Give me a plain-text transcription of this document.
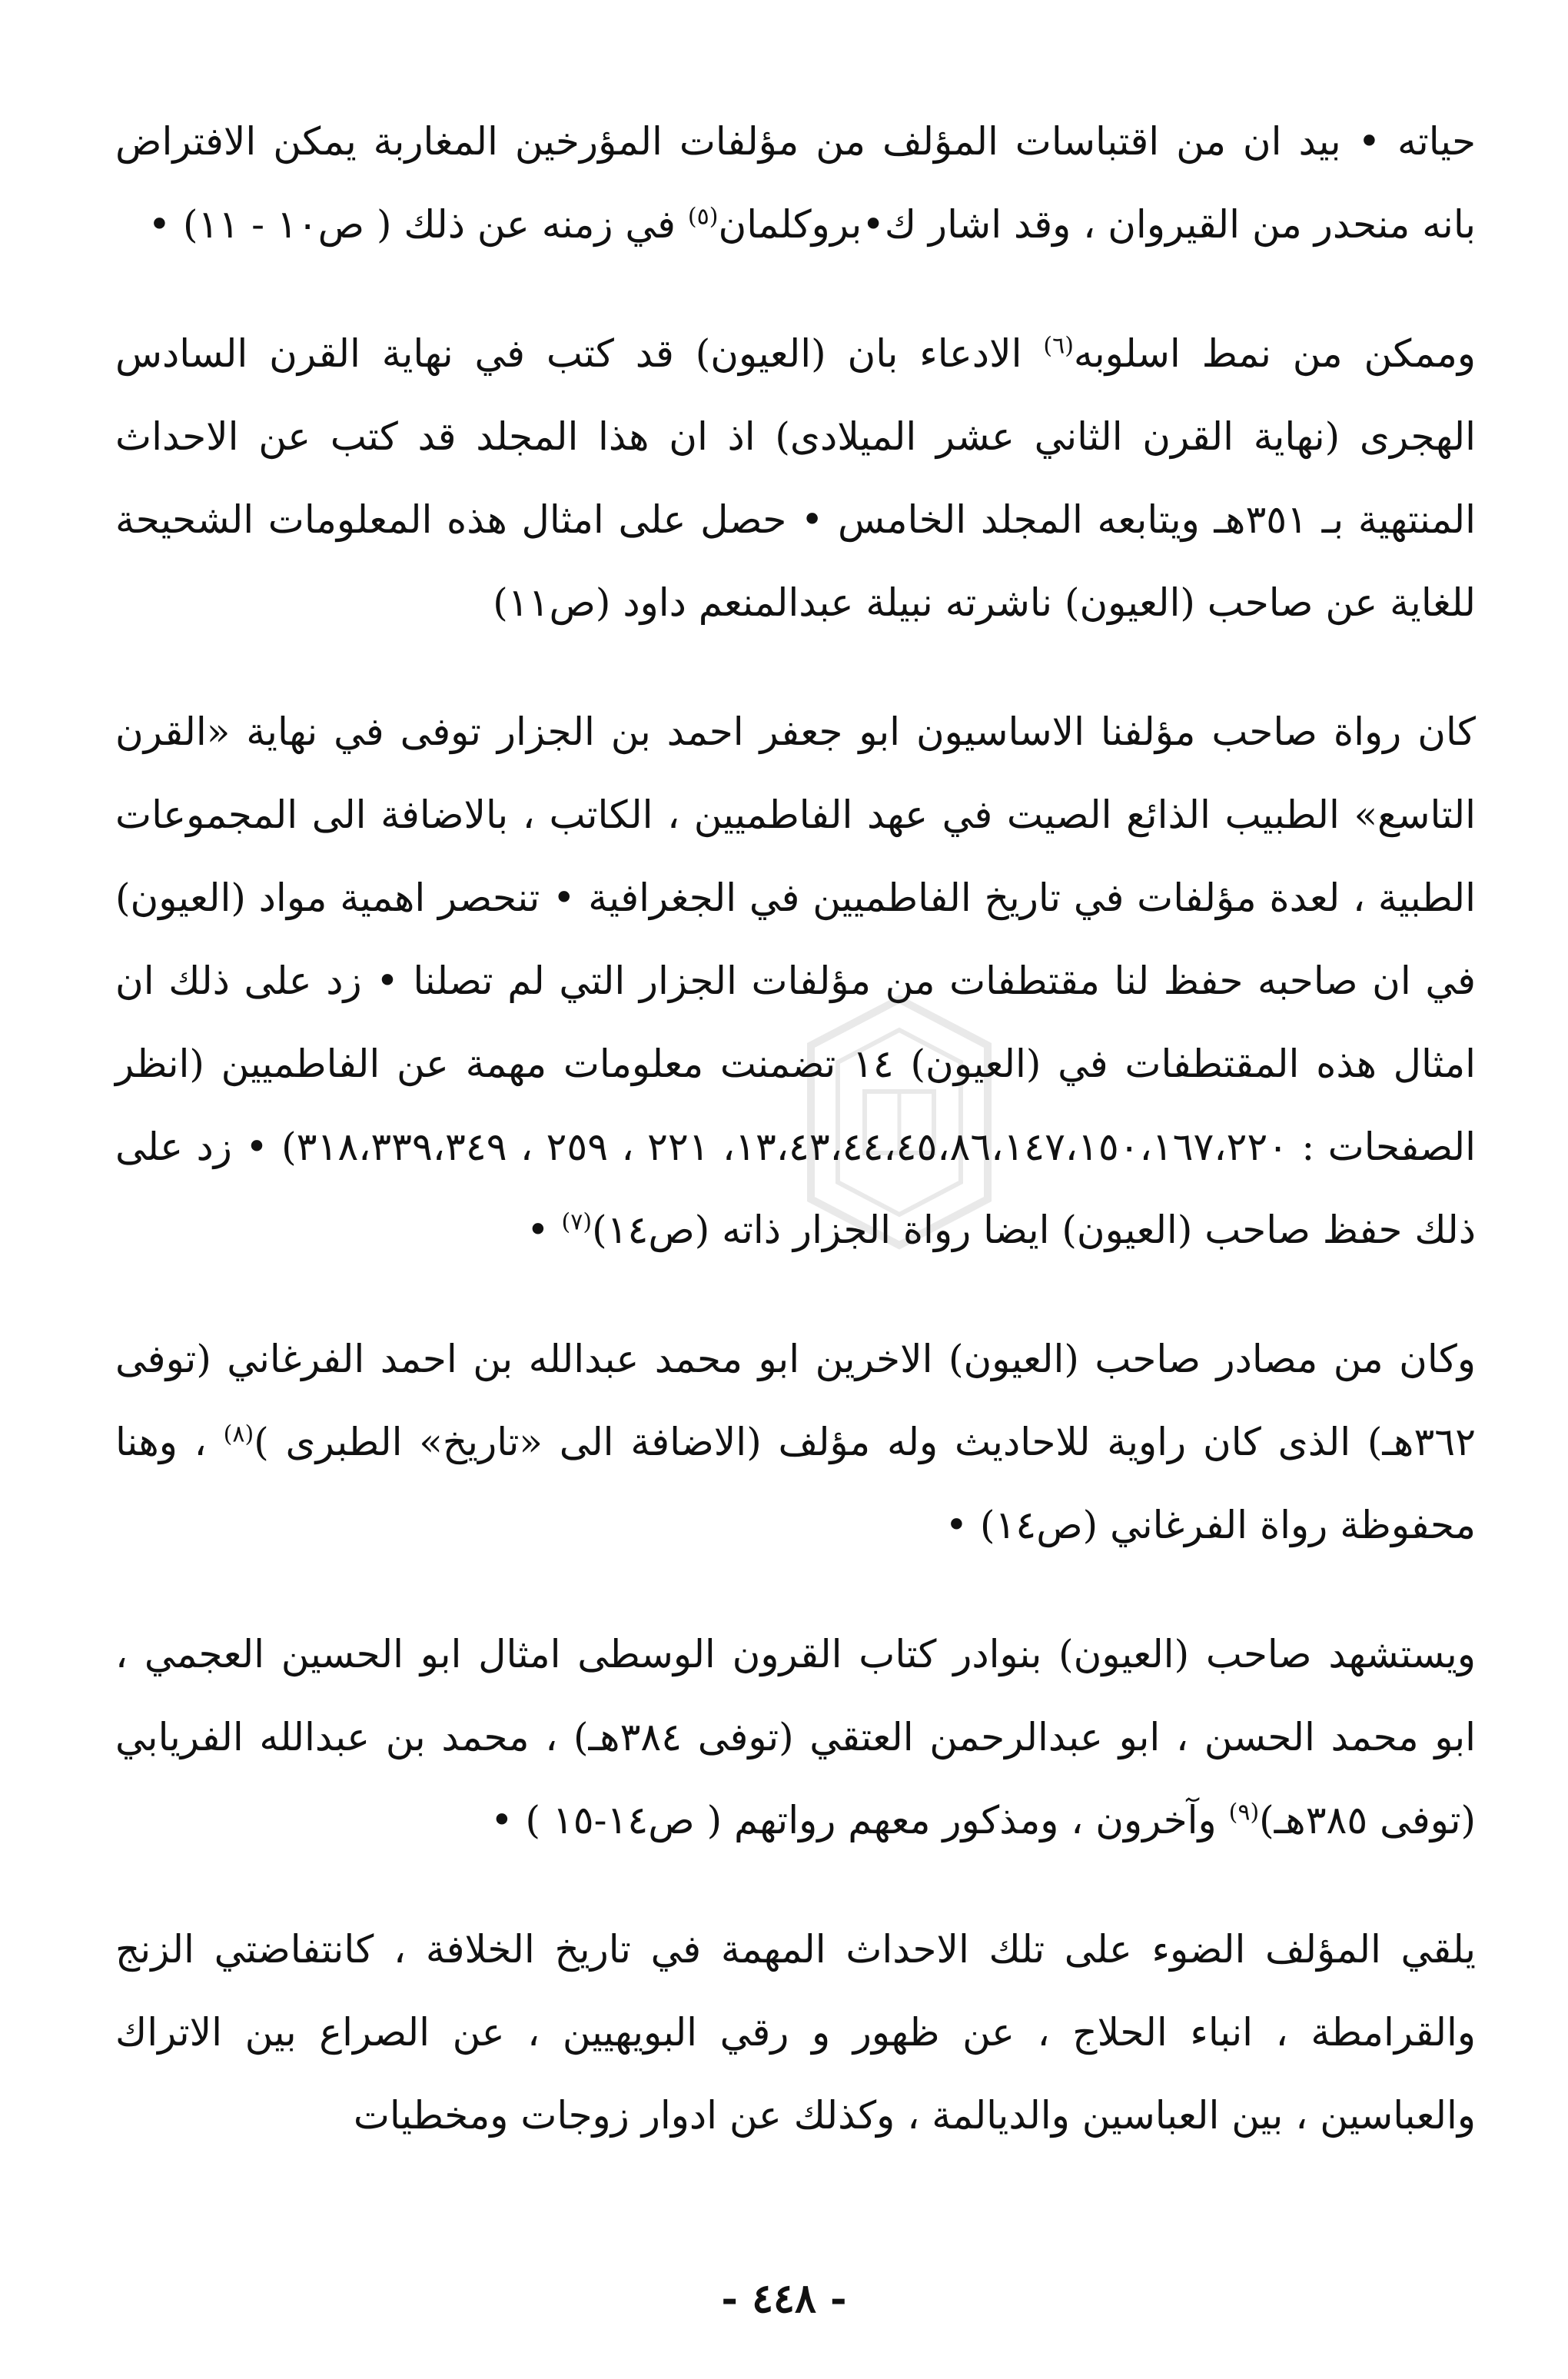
حياته • بيد ان من اقتباسات المؤلف من مؤلفات المؤرخين المغاربة يمكن الافتراض بانه منحدر من القيروان ، وقد اشار ك•بروكلمان$^{(٥)}$ في زمنه عن ذلك ( ص١٠ - ١١) •

وممكن من نمط اسلوبه$^{(٦)}$ الادعاء بان (العيون) قد كتب في نهاية القرن السادس الهجرى (نهاية القرن الثاني عشر الميلادى) اذ ان هذا المجلد قد كتب عن الاحداث المنتهية بـ ٣٥١هـ ويتابعه المجلد الخامس • حصل على امثال هذه المعلومات الشحيحة للغاية عن صاحب (العيون) ناشرته نبيلة عبدالمنعم داود (ص١١)

كان رواة صاحب مؤلفنا الاساسيون ابو جعفر احمد بن الجزار توفى في نهاية «القرن التاسع» الطبيب الذائع الصيت في عهد الفاطميين ، الكاتب ، بالاضافة الى المجموعات الطبية ، لعدة مؤلفات في تاريخ الفاطميين في الجغرافية • تنحصر اهمية مواد (العيون) في ان صاحبه حفظ لنا مقتطفات من مؤلفات الجزار التي لم تصلنا • زد على ذلك ان امثال هذه المقتطفات في (العيون) ١٤ تضمنت معلومات مهمة عن الفاطميين (انظر الصفحات : ١٣،٤٣،٤٤،٤٥،٨٦،١٤٧،١٥٠،١٦٧،٢٢٠، ٢٢١ ، ٢٥٩ ، ٣١٨،٣٣٩،٣٤٩) • زد على ذلك حفظ صاحب (العيون) ايضا رواة الجزار ذاته (ص١٤)$^{(٧)}$ •

وكان من مصادر صاحب (العيون) الاخرين ابو محمد عبدالله بن احمد الفرغاني (توفى ٣٦٢هـ) الذى كان راوية للاحاديث وله مؤلف (الاضافة الى «تاريخ» الطبرى )$^{(٨)}$ ، وهنا محفوظة رواة الفرغاني (ص١٤) •

ويستشهد صاحب (العيون) بنوادر كتاب القرون الوسطى امثال ابو الحسين العجمي ، ابو محمد الحسن ، ابو عبدالرحمن العتقي (توفى ٣٨٤هـ) ، محمد بن عبدالله الفريابي (توفى ٣٨٥هـ)$^{(٩)}$ وآخرون ، ومذكور معهم رواتهم ( ص١٤-١٥ ) •

يلقي المؤلف الضوء على تلك الاحداث المهمة في تاريخ الخلافة ، كانتفاضتي الزنج والقرامطة ، انباء الحلاج ، عن ظهور و رقي البويهيين ، عن الصراع بين الاتراك والعباسين ، بين العباسين والديالمة ، وكذلك عن ادوار زوجات ومخطيات

- ٤٤٨ -
